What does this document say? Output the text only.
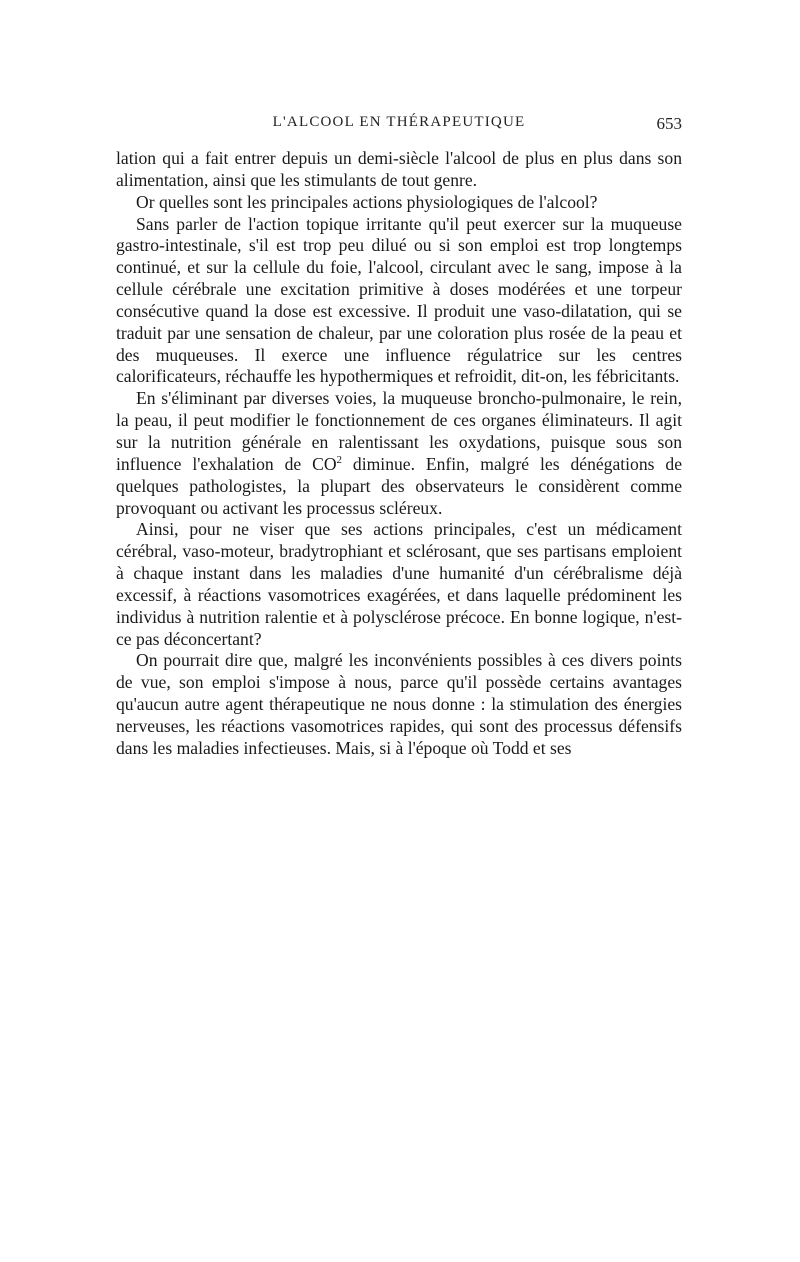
L'ALCOOL EN THÉRAPEUTIQUE	653

lation qui a fait entrer depuis un demi-siècle l'alcool de plus en plus dans son alimentation, ainsi que les stimulants de tout genre.

Or quelles sont les principales actions physiologiques de l'alcool?

Sans parler de l'action topique irritante qu'il peut exercer sur la muqueuse gastro-intestinale, s'il est trop peu dilué ou si son emploi est trop longtemps continué, et sur la cellule du foie, l'alcool, circulant avec le sang, impose à la cellule cérébrale une excitation primitive à doses modérées et une torpeur consécutive quand la dose est excessive. Il produit une vaso-dilatation, qui se traduit par une sensation de chaleur, par une coloration plus rosée de la peau et des muqueuses. Il exerce une influence régulatrice sur les centres calorificateurs, réchauffe les hypothermiques et refroidit, dit-on, les fébricitants.

En s'éliminant par diverses voies, la muqueuse broncho-pulmonaire, le rein, la peau, il peut modifier le fonctionnement de ces organes éliminateurs. Il agit sur la nutrition générale en ralentissant les oxydations, puisque sous son influence l'exhalation de $CO^2$ diminue. Enfin, malgré les dénégations de quelques pathologistes, la plupart des observateurs le considèrent comme provoquant ou activant les processus scléreux.

Ainsi, pour ne viser que ses actions principales, c'est un médicament cérébral, vaso-moteur, bradytrophiant et sclérosant, que ses partisans emploient à chaque instant dans les maladies d'une humanité d'un cérébralisme déjà excessif, à réactions vasomotrices exagérées, et dans laquelle prédominent les individus à nutrition ralentie et à polysclérose précoce. En bonne logique, n'est-ce pas déconcertant?

On pourrait dire que, malgré les inconvénients possibles à ces divers points de vue, son emploi s'impose à nous, parce qu'il possède certains avantages qu'aucun autre agent thérapeutique ne nous donne : la stimulation des énergies nerveuses, les réactions vasomotrices rapides, qui sont des processus défensifs dans les maladies infectieuses. Mais, si à l'époque où Todd et ses
